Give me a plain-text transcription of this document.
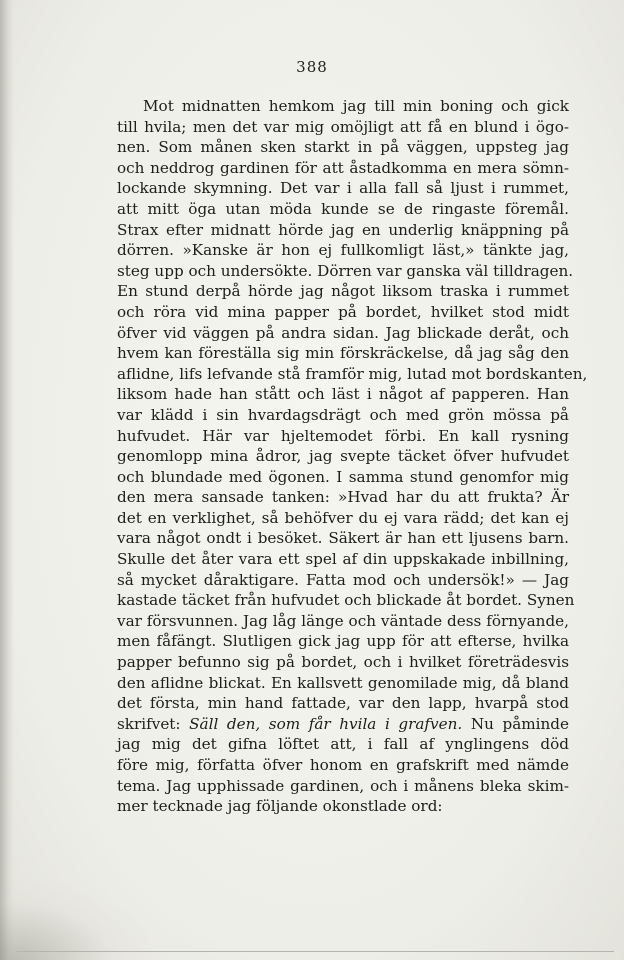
388
Mot midnatten hemkom jag till min boning och gick
till hvila; men det var mig omöjligt att få en blund i ögo-
nen. Som månen sken starkt in på väggen, uppsteg jag
och neddrog gardinen för att åstadkomma en mera sömn-
lockande skymning. Det var i alla fall så ljust i rummet,
att mitt öga utan möda kunde se de ringaste föremål.
Strax efter midnatt hörde jag en underlig knäppning på
dörren. »Kanske är hon ej fullkomligt läst,» tänkte jag,
steg upp och undersökte. Dörren var ganska väl tilldragen.
En stund derpå hörde jag något liksom traska i rummet
och röra vid mina papper på bordet, hvilket stod midt
öfver vid väggen på andra sidan. Jag blickade deråt, och
hvem kan föreställa sig min förskräckelse, då jag såg den
aflidne, lifs lefvande stå framför mig, lutad mot bordskanten,
liksom hade han stått och läst i något af papperen. Han
var klädd i sin hvardagsdrägt och med grön mössa på
hufvudet. Här var hjeltemodet förbi. En kall rysning
genomlopp mina ådror, jag svepte täcket öfver hufvudet
och blundade med ögonen. I samma stund genomfor mig
den mera sansade tanken: »Hvad har du att frukta? Är
det en verklighet, så behöfver du ej vara rädd; det kan ej
vara något ondt i besöket. Säkert är han ett ljusens barn.
Skulle det åter vara ett spel af din uppskakade inbillning,
så mycket dåraktigare. Fatta mod och undersök!» — Jag
kastade täcket från hufvudet och blickade åt bordet. Synen
var försvunnen. Jag låg länge och väntade dess förnyande,
men fåfängt. Slutligen gick jag upp för att efterse, hvilka
papper befunno sig på bordet, och i hvilket företrädesvis
den aflidne blickat. En kallsvett genomilade mig, då bland
det första, min hand fattade, var den lapp, hvarpå stod
skrifvet: Säll den, som får hvila i grafven. Nu påminde
jag mig det gifna löftet att, i fall af ynglingens död
före mig, författa öfver honom en grafskrift med nämde
tema. Jag upphissade gardinen, och i månens bleka skim-
mer tecknade jag följande okonstlade ord:
